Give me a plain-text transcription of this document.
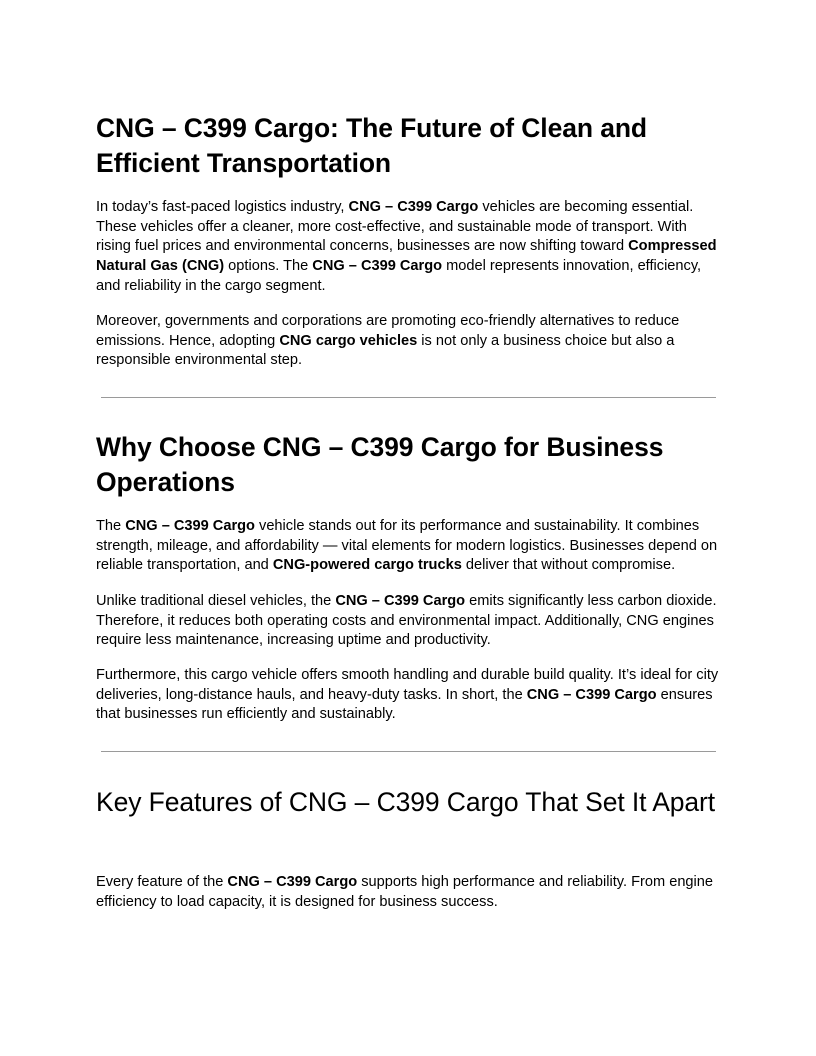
CNG – C399 Cargo: The Future of Clean and Efficient Transportation

In today’s fast-paced logistics industry, CNG – C399 Cargo vehicles are becoming essential. These vehicles offer a cleaner, more cost-effective, and sustainable mode of transport. With rising fuel prices and environmental concerns, businesses are now shifting toward Compressed Natural Gas (CNG) options. The CNG – C399 Cargo model represents innovation, efficiency, and reliability in the cargo segment.

Moreover, governments and corporations are promoting eco-friendly alternatives to reduce emissions. Hence, adopting CNG cargo vehicles is not only a business choice but also a responsible environmental step.

Why Choose CNG – C399 Cargo for Business Operations

The CNG – C399 Cargo vehicle stands out for its performance and sustainability. It combines strength, mileage, and affordability — vital elements for modern logistics. Businesses depend on reliable transportation, and CNG-powered cargo trucks deliver that without compromise.

Unlike traditional diesel vehicles, the CNG – C399 Cargo emits significantly less carbon dioxide. Therefore, it reduces both operating costs and environmental impact. Additionally, CNG engines require less maintenance, increasing uptime and productivity.

Furthermore, this cargo vehicle offers smooth handling and durable build quality. It’s ideal for city deliveries, long-distance hauls, and heavy-duty tasks. In short, the CNG – C399 Cargo ensures that businesses run efficiently and sustainably.

Key Features of CNG – C399 Cargo That Set It Apart

Every feature of the CNG – C399 Cargo supports high performance and reliability. From engine efficiency to load capacity, it is designed for business success.
